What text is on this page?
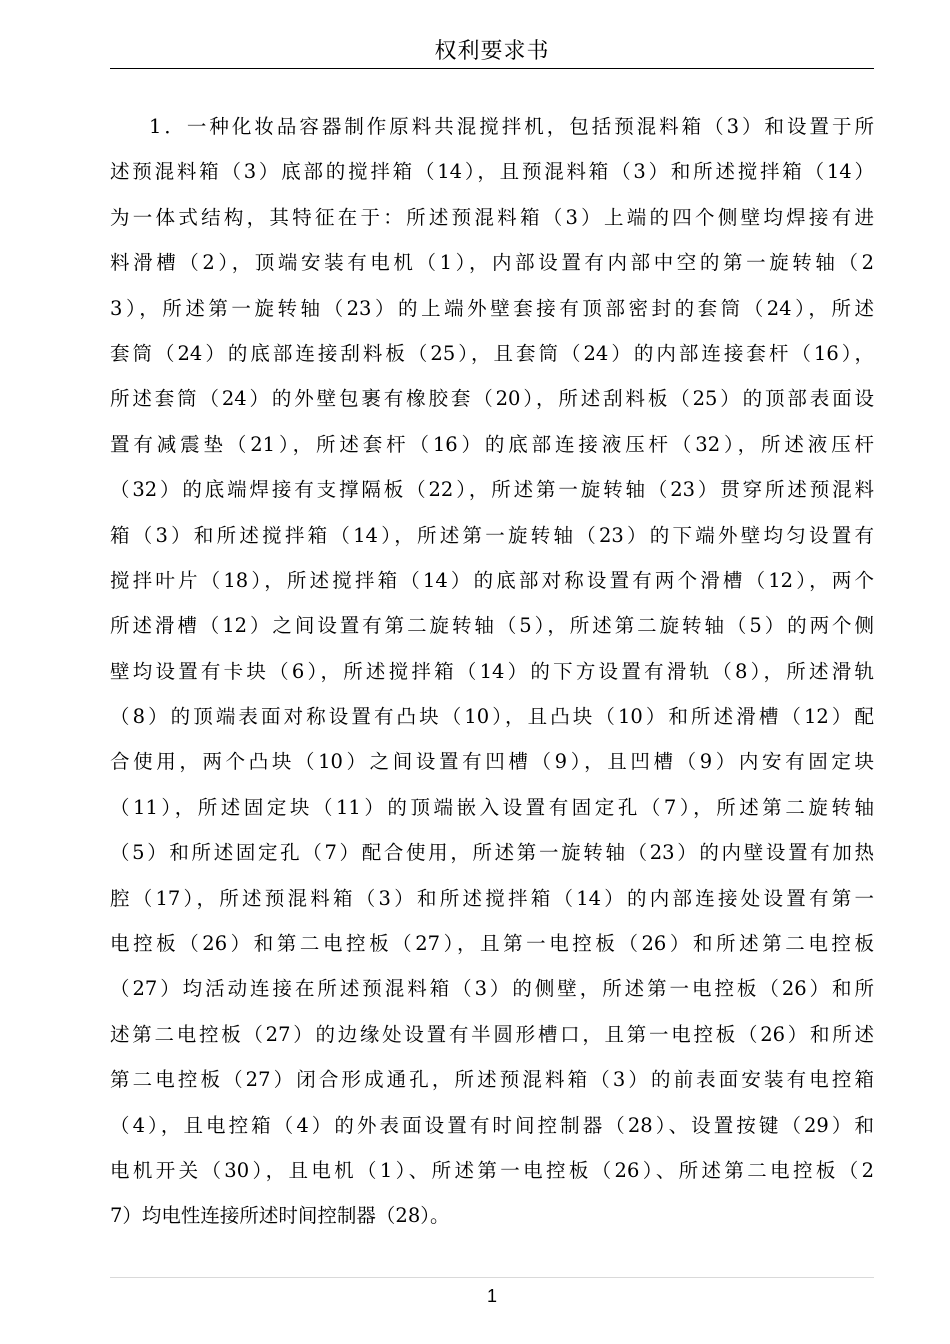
权利要求书
1．一种化妆品容器制作原料共混搅拌机，包括预混料箱（3）和设置于所
述预混料箱（3）底部的搅拌箱（14），且预混料箱（3）和所述搅拌箱（14）
为一体式结构，其特征在于：所述预混料箱（3）上端的四个侧壁均焊接有进
料滑槽（2），顶端安装有电机（1），内部设置有内部中空的第一旋转轴（2
3），所述第一旋转轴（23）的上端外壁套接有顶部密封的套筒（24），所述
套筒（24）的底部连接刮料板（25），且套筒（24）的内部连接套杆（16），
所述套筒（24）的外壁包裹有橡胶套（20），所述刮料板（25）的顶部表面设
置有减震垫（21），所述套杆（16）的底部连接液压杆（32），所述液压杆
（32）的底端焊接有支撑隔板（22），所述第一旋转轴（23）贯穿所述预混料
箱（3）和所述搅拌箱（14），所述第一旋转轴（23）的下端外壁均匀设置有
搅拌叶片（18），所述搅拌箱（14）的底部对称设置有两个滑槽（12），两个
所述滑槽（12）之间设置有第二旋转轴（5），所述第二旋转轴（5）的两个侧
壁均设置有卡块（6），所述搅拌箱（14）的下方设置有滑轨（8），所述滑轨
（8）的顶端表面对称设置有凸块（10），且凸块（10）和所述滑槽（12）配
合使用，两个凸块（10）之间设置有凹槽（9），且凹槽（9）内安有固定块
（11），所述固定块（11）的顶端嵌入设置有固定孔（7），所述第二旋转轴
（5）和所述固定孔（7）配合使用，所述第一旋转轴（23）的内壁设置有加热
腔（17），所述预混料箱（3）和所述搅拌箱（14）的内部连接处设置有第一
电控板（26）和第二电控板（27），且第一电控板（26）和所述第二电控板
（27）均活动连接在所述预混料箱（3）的侧壁，所述第一电控板（26）和所
述第二电控板（27）的边缘处设置有半圆形槽口，且第一电控板（26）和所述
第二电控板（27）闭合形成通孔，所述预混料箱（3）的前表面安装有电控箱
（4），且电控箱（4）的外表面设置有时间控制器（28）、设置按键（29）和
电机开关（30），且电机（1）、所述第一电控板（26）、所述第二电控板（2
7）均电性连接所述时间控制器（28）。
1
